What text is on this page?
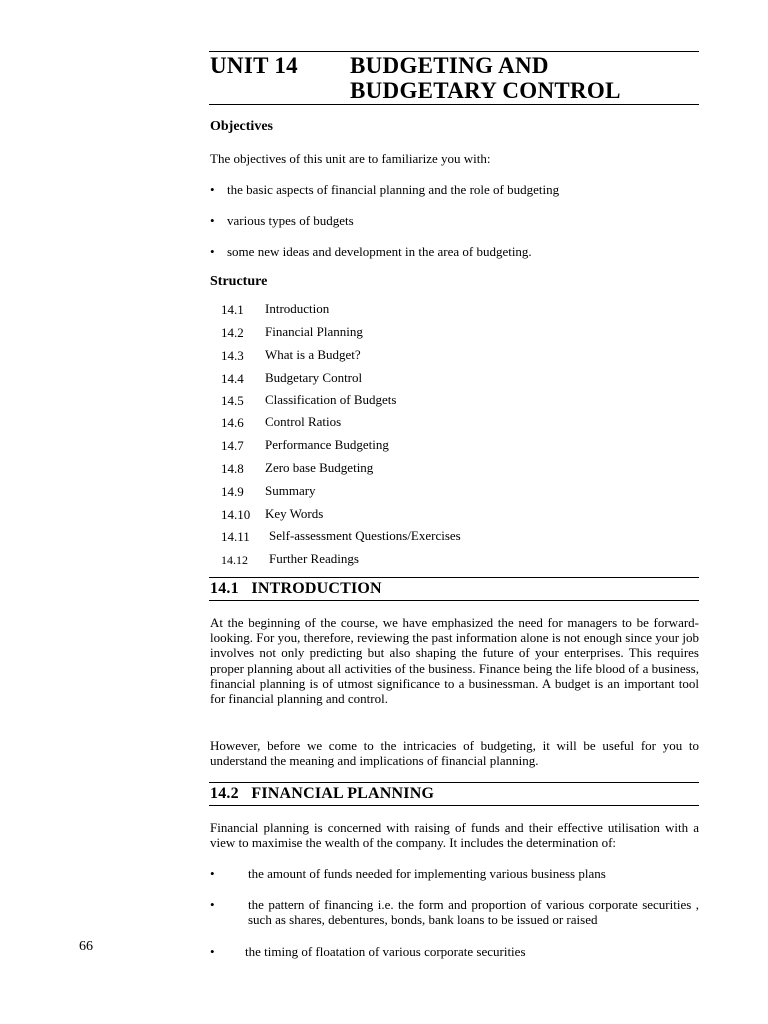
UNIT 14 BUDGETING AND
BUDGETARY CONTROL
Objectives
The objectives of this unit are to familiarize you with:
• the basic aspects of financial planning and the role of budgeting
• various types of budgets
• some new ideas and development in the area of budgeting.
Structure
14.1 Introduction
14.2 Financial Planning
14.3 What is a Budget?
14.4 Budgetary Control
14.5 Classification of Budgets
14.6 Control Ratios
14.7 Performance Budgeting
14.8 Zero base Budgeting
14.9 Summary
14.10 Key Words
14.11 Self-assessment Questions/Exercises
14.12 Further Readings
14.1   INTRODUCTION
At the beginning of the course, we have emphasized the need for managers to be forward-looking. For you, therefore, reviewing the past information alone is not enough since your job involves not only predicting but also shaping the future of your enterprises. This requires proper planning about all activities of the business. Finance being the life blood of a business, financial planning is of utmost significance to a businessman. A budget is an important tool for financial planning and control.
However, before we come to the intricacies of budgeting, it will be useful for you to understand the meaning and implications of financial planning.
14.2   FINANCIAL PLANNING
Financial planning is concerned with raising of funds and their effective utilisation with a view to maximise the wealth of the company. It includes the determination of:
•	the amount of funds needed for implementing various business plans
•	the pattern of financing i.e. the form and proportion of various corporate securities , such as shares, debentures, bonds, bank loans to be issued or raised
• the timing of floatation of various corporate securities
66
